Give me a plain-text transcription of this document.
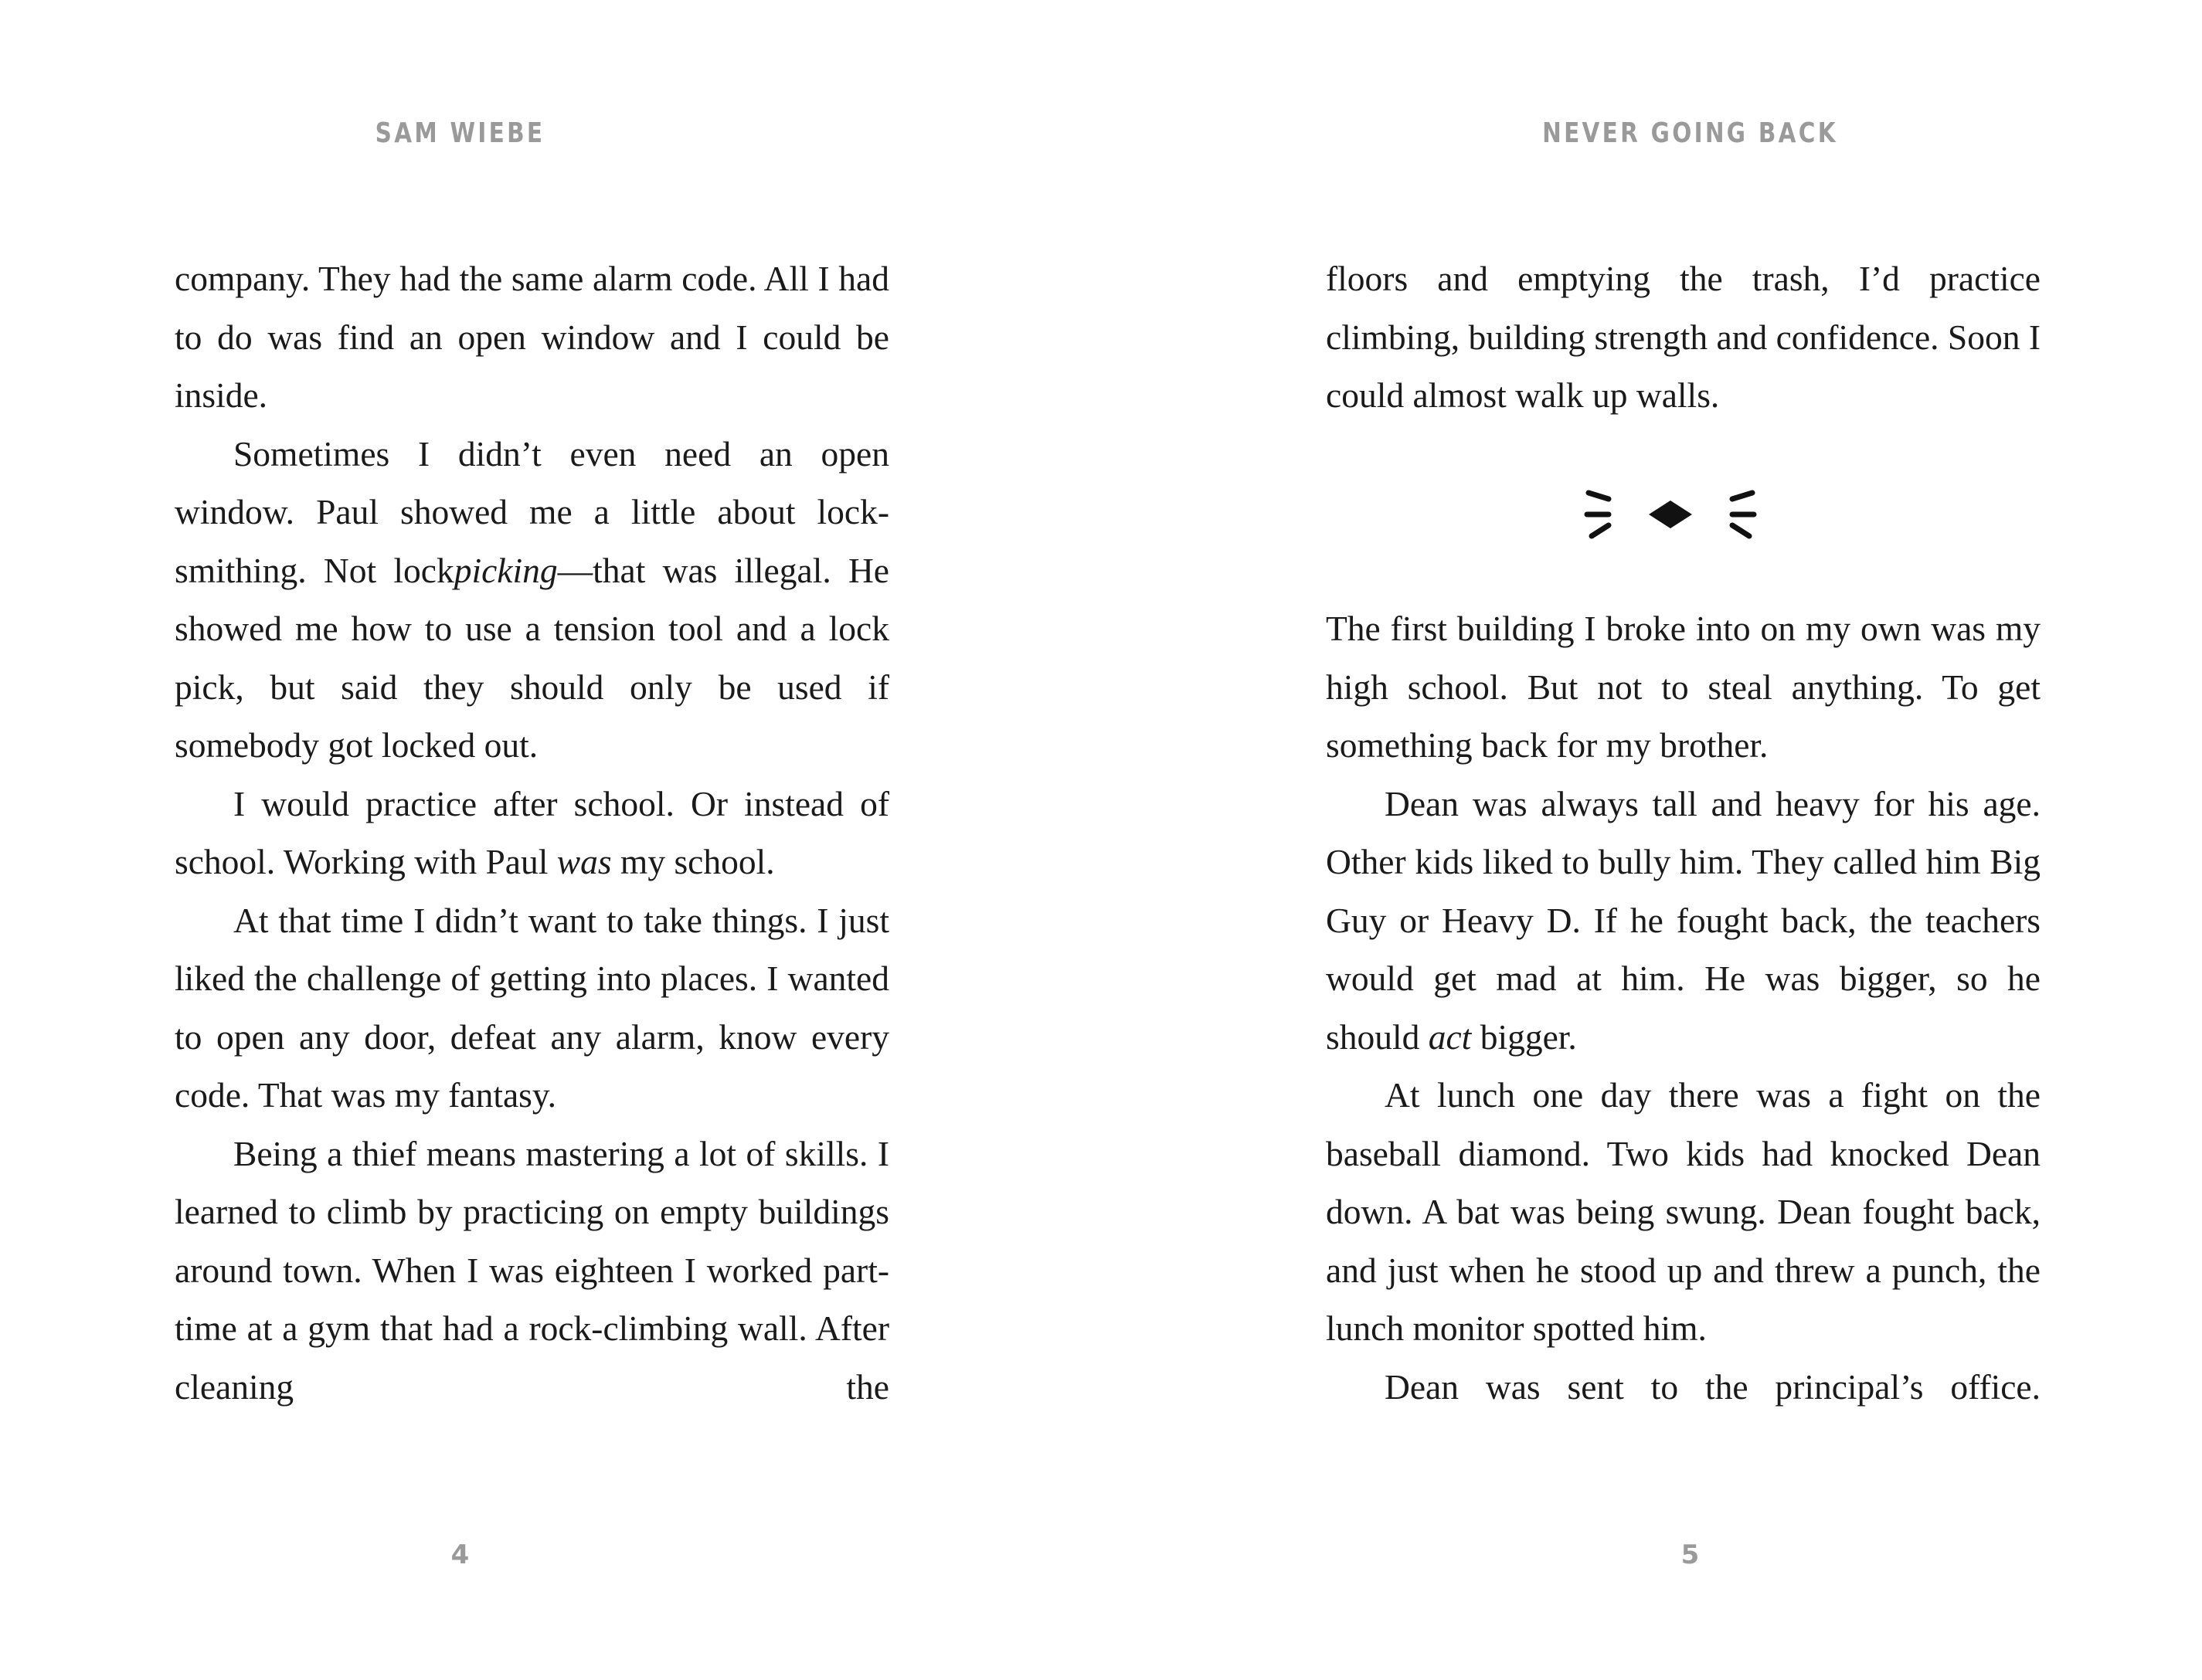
SAM WIEBE

company. They had the same alarm code. All I had to do was find an open window and I could be inside.

Sometimes I didn’t even need an open window. Paul showed me a little about lock-smithing. Not lockpicking—that was illegal. He showed me how to use a tension tool and a lock pick, but said they should only be used if somebody got locked out.

I would practice after school. Or instead of school. Working with Paul was my school.

At that time I didn’t want to take things. I just liked the challenge of getting into places. I wanted to open any door, defeat any alarm, know every code. That was my fantasy.

Being a thief means mastering a lot of skills. I learned to climb by practicing on empty buildings around town. When I was eighteen I worked part-time at a gym that had a rock-climbing wall. After cleaning the

4
NEVER GOING BACK

floors and emptying the trash, I’d practice climbing, building strength and confidence. Soon I could almost walk up walls.

The first building I broke into on my own was my high school. But not to steal anything. To get something back for my brother.

Dean was always tall and heavy for his age. Other kids liked to bully him. They called him Big Guy or Heavy D. If he fought back, the teachers would get mad at him. He was bigger, so he should act bigger.

At lunch one day there was a fight on the baseball diamond. Two kids had knocked Dean down. A bat was being swung. Dean fought back, and just when he stood up and threw a punch, the lunch monitor spotted him.

Dean was sent to the principal’s office.

5
